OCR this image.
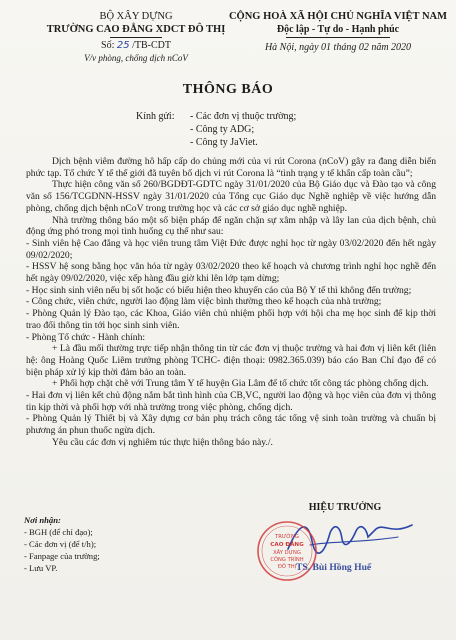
BỘ XÂY DỰNG
TRƯỜNG CAO ĐẲNG XDCT ĐÔ THỊ
Số: 25 /TB-CDT
V/v phòng, chống dịch nCoV
CỘNG HOÀ XÃ HỘI CHỦ NGHĨA VIỆT NAM
Độc lập - Tự do - Hạnh phúc
Hà Nội, ngày 01 tháng 02 năm 2020
THÔNG BÁO
Kính gửi: - Các đơn vị thuộc trường;
- Công ty ADG;
- Công ty JaViet.

Dịch bệnh viêm đường hô hấp cấp do chủng mới của vi rút Corona (nCoV) gây ra đang diễn biến phức tạp. Tổ chức Y tế thế giới đã tuyên bố dịch vi rút Corona là “tình trạng y tế khẩn cấp toàn cầu”;

Thực hiện công văn số 260/BGDĐT-GDTC ngày 31/01/2020 của Bộ Giáo dục và Đào tạo và công văn số 156/TCGDNN-HSSV ngày 31/01/2020 của Tổng cục Giáo dục Nghề nghiệp về việc hướng dẫn phòng, chống dịch bệnh nCoV trong trường học và các cơ sở giáo dục nghề nghiệp.

Nhà trường thông báo một số biện pháp để ngăn chặn sự xâm nhập và lây lan của dịch bệnh, chủ động ứng phó trong mọi tình huống cụ thể như sau:

- Sinh viên hệ Cao đẳng và học viên trung tâm Việt Đức được nghỉ học từ ngày 03/02/2020 đến hết ngày 09/02/2020;

- HSSV hệ song bằng học văn hóa từ ngày 03/02/2020 theo kế hoạch và chương trình nghỉ học nghề đến hết ngày 09/02/2020, việc xếp hàng đầu giờ khi lên lớp tạm dừng;

- Học sinh sinh viên nếu bị sốt hoặc có biểu hiện theo khuyến cáo của Bộ Y tế thì không đến trường;

- Công chức, viên chức, người lao động làm việc bình thường theo kế hoạch của nhà trường;

- Phòng Quản lý Đào tạo, các Khoa, Giáo viên chủ nhiệm phối hợp với hội cha mẹ học sinh để kịp thời trao đổi thông tin tới học sinh sinh viên.

- Phòng Tổ chức - Hành chính:

+ Là đầu mối thường trực tiếp nhận thông tin từ các đơn vị thuộc trường và hai đơn vị liên kết (liên hệ: ông Hoàng Quốc Liêm trưởng phòng TCHC- điện thoại: 0982.365.039) báo cáo Ban Chỉ đạo để có biện pháp xử lý kịp thời đảm bảo an toàn.

+ Phối hợp chặt chẽ với Trung tâm Y tế huyện Gia Lâm để tổ chức tốt công tác phòng chống dịch.

- Hai đơn vị liên kết chủ động nắm bắt tình hình của CB,VC, người lao động và học viên của đơn vị thông tin kịp thời và phối hợp với nhà trường trong việc phòng, chống dịch.

- Phòng Quản lý Thiết bị và Xây dựng cơ bản phụ trách công tác tổng vệ sinh toàn trường và chuẩn bị phương án phun thuốc ngừa dịch.

Yêu cầu các đơn vị nghiêm túc thực hiện thông báo này./.

HIỆU TRƯỞNG
TRƯỜNG
CAO ĐẲNG
XÂY DỰNG
CÔNG TRÌNH
ĐÔ THỊ TS. Bùi Hồng Huế
Nơi nhận:
- BGH (để chỉ đạo);
- Các đơn vị (để t/h);
- Fanpage của trường;
- Lưu VP.
